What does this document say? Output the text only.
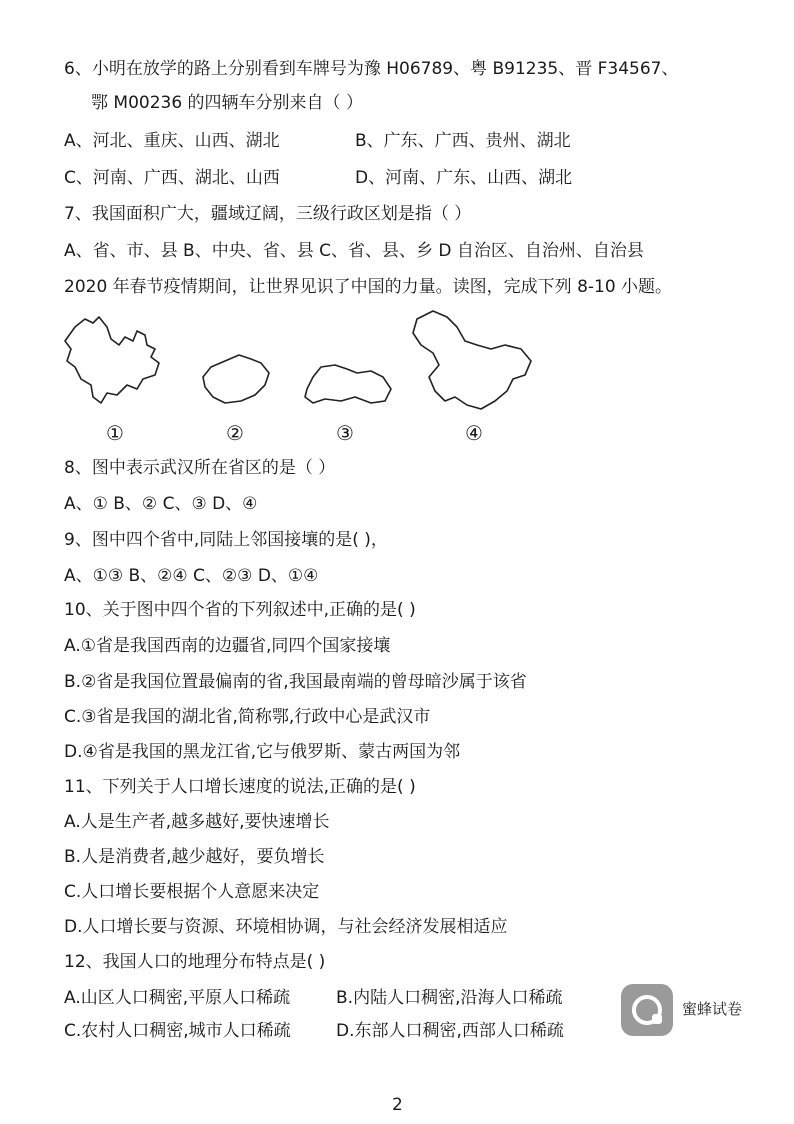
6、小明在放学的路上分别看到车牌号为豫 H06789、粤 B91235、晋 F34567、
鄂 M00236 的四辆车分别来自（ ）
A、河北、重庆、山西、湖北	B、广东、广西、贵州、湖北
C、河南、广西、湖北、山西	D、河南、广东、山西、湖北
7、我国面积广大，疆域辽阔，三级行政区划是指（ ）
A、省、市、县 B、中央、省、县 C、省、县、乡 D 自治区、自治州、自治县
2020 年春节疫情期间，让世界见识了中国的力量。读图，完成下列 8-10 小题。
①	②	③	④
8、图中表示武汉所在省区的是（ ）
A、① B、② C、③ D、④
9、图中四个省中,同陆上邻国接壤的是( )，
A、①③ B、②④ C、②③ D、①④
10、关于图中四个省的下列叙述中,正确的是( )
A.①省是我国西南的边疆省,同四个国家接壤
B.②省是我国位置最偏南的省,我国最南端的曾母暗沙属于该省
C.③省是我国的湖北省,简称鄂,行政中心是武汉市
D.④省是我国的黑龙江省,它与俄罗斯、蒙古两国为邻
11、下列关于人口增长速度的说法,正确的是( )
A.人是生产者,越多越好,要快速增长
B.人是消费者,越少越好，要负增长
C.人口增长要根据个人意愿来决定
D.人口增长要与资源、环境相协调，与社会经济发展相适应
12、我国人口的地理分布特点是( )
A.山区人口稠密,平原人口稀疏	B.内陆人口稠密,沿海人口稀疏
C.农村人口稠密,城市人口稀疏	D.东部人口稠密,西部人口稀疏
蜜蜂试卷
2
